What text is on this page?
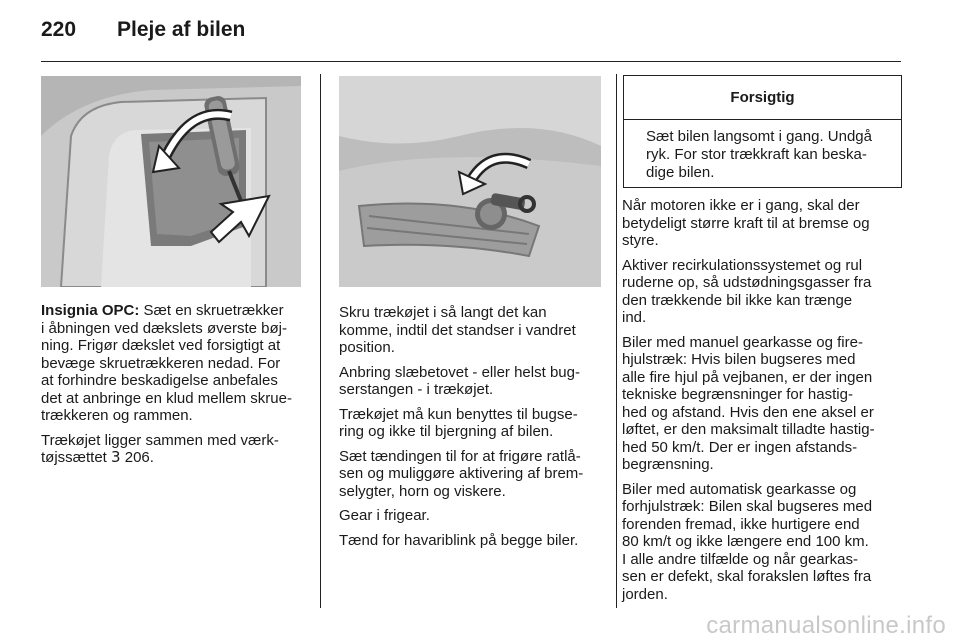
220 Pleje af bilen

Insignia OPC: Sæt en skruetrækker
i åbningen ved dækslets øverste bøj-
ning. Frigør dækslet ved forsigtigt at
bevæge skruetrækkeren nedad. For
at forhindre beskadigelse anbefales
det at anbringe en klud mellem skrue-
trækkeren og rammen.

Trækøjet ligger sammen med værk-
tøjssættet 3 206.

Skru trækøjet i så langt det kan
komme, indtil det standser i vandret
position.

Anbring slæbetovet - eller helst bug-
serstangen - i trækøjet.

Trækøjet må kun benyttes til bugse-
ring og ikke til bjergning af bilen.

Sæt tændingen til for at frigøre ratlå-
sen og muliggøre aktivering af brem-
selygter, horn og viskere.

Gear i frigear.

Tænd for havariblink på begge biler.

Forsigtig
Sæt bilen langsomt i gang. Undgå
ryk. For stor trækkraft kan beska-
dige bilen.

Når motoren ikke er i gang, skal der
betydeligt større kraft til at bremse og
styre.

Aktiver recirkulationssystemet og rul
ruderne op, så udstødningsgasser fra
den trækkende bil ikke kan trænge
ind.

Biler med manuel gearkasse og fire-
hjulstræk: Hvis bilen bugseres med
alle fire hjul på vejbanen, er der ingen
tekniske begrænsninger for hastig-
hed og afstand. Hvis den ene aksel er
løftet, er den maksimalt tilladte hastig-
hed 50 km/t. Der er ingen afstands-
begrænsning.

Biler med automatisk gearkasse og
forhjulstræk: Bilen skal bugseres med
forenden fremad, ikke hurtigere end
80 km/t og ikke længere end 100 km.
I alle andre tilfælde og når gearkas-
sen er defekt, skal forakslen løftes fra
jorden.

carmanualsonline.info
